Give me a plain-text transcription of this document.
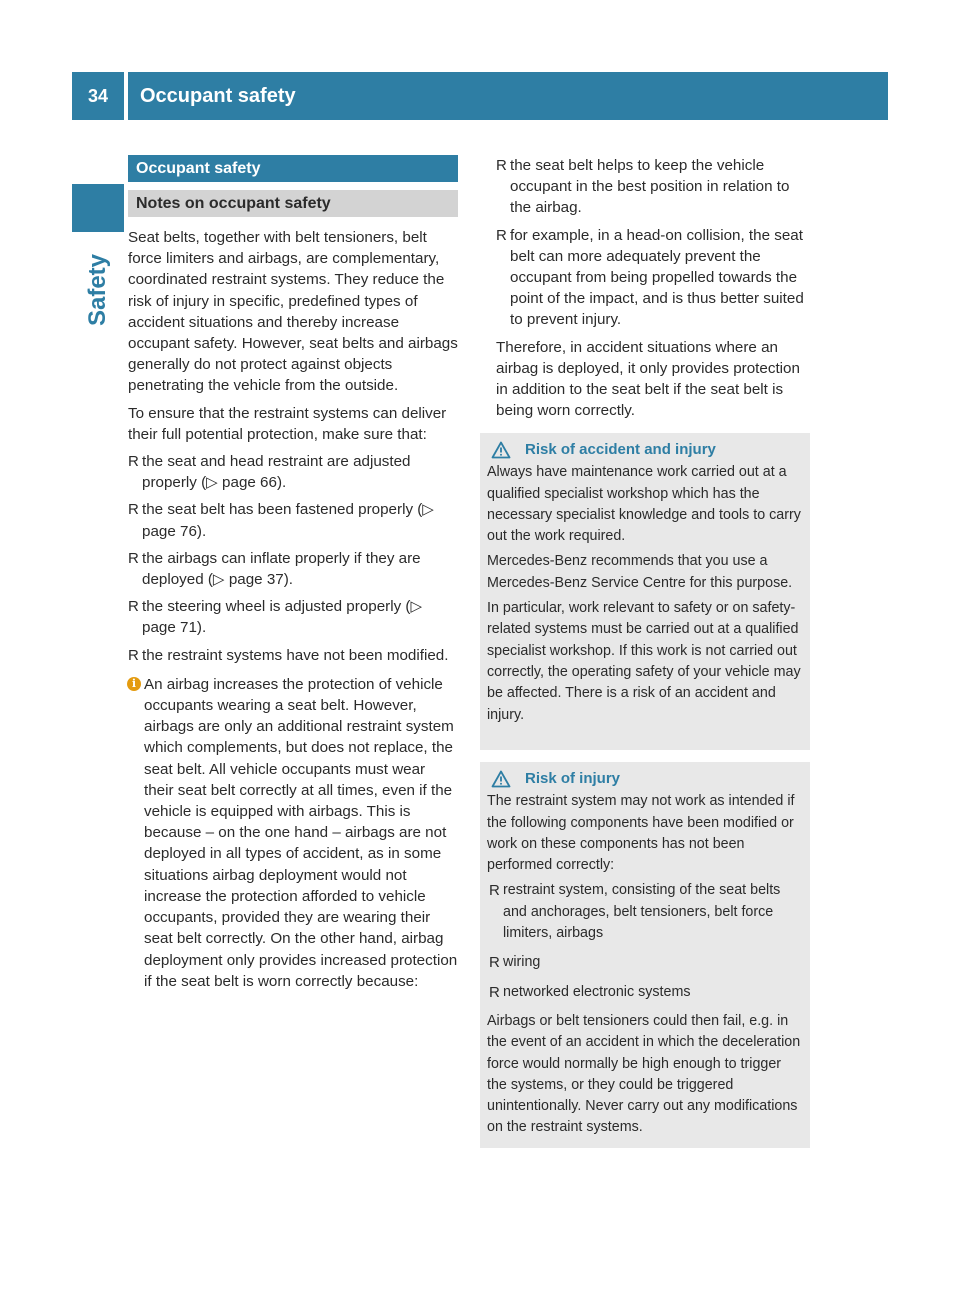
34	Occupant safety
Safety
Occupant safety
Notes on occupant safety

Seat belts, together with belt tensioners, belt force limiters and airbags, are complementary, coordinated restraint systems. They reduce the risk of injury in specific, predefined types of accident situations and thereby increase occupant safety. However, seat belts and airbags generally do not protect against objects penetrating the vehicle from the outside.

To ensure that the restraint systems can deliver their full potential protection, make sure that:

R the seat and head restraint are adjusted properly (▷ page 66).
R the seat belt has been fastened properly (▷ page 76).
R the airbags can inflate properly if they are deployed (▷ page 37).
R the steering wheel is adjusted properly (▷ page 71).
R the restraint systems have not been modified.
i An airbag increases the protection of vehicle occupants wearing a seat belt. However, airbags are only an additional restraint system which complements, but does not replace, the seat belt. All vehicle occupants must wear their seat belt correctly at all times, even if the vehicle is equipped with airbags. This is because – on the one hand – airbags are not deployed in all types of accident, as in some situations airbag deployment would not increase the protection afforded to vehicle occupants, provided they are wearing their seat belt correctly. On the other hand, airbag deployment only provides increased protection if the seat belt is worn correctly because:
R the seat belt helps to keep the vehicle occupant in the best position in relation to the airbag.
R for example, in a head-on collision, the seat belt can more adequately prevent the occupant from being propelled towards the point of the impact, and is thus better suited to prevent injury.

Therefore, in accident situations where an airbag is deployed, it only provides protection in addition to the seat belt if the seat belt is being worn correctly.

Risk of accident and injury

Always have maintenance work carried out at a qualified specialist workshop which has the necessary specialist knowledge and tools to carry out the work required.

Mercedes-Benz recommends that you use a Mercedes-Benz Service Centre for this purpose.

In particular, work relevant to safety or on safety-related systems must be carried out at a qualified specialist workshop. If this work is not carried out correctly, the operating safety of your vehicle may be affected. There is a risk of an accident and injury.

Risk of injury

The restraint system may not work as intended if the following components have been modified or work on these components has not been performed correctly:

R restraint system, consisting of the seat belts and anchorages, belt tensioners, belt force limiters, airbags
R wiring
R networked electronic systems

Airbags or belt tensioners could then fail, e.g. in the event of an accident in which the deceleration force would normally be high enough to trigger the systems, or they could be triggered unintentionally. Never carry out any modifications on the restraint systems.
